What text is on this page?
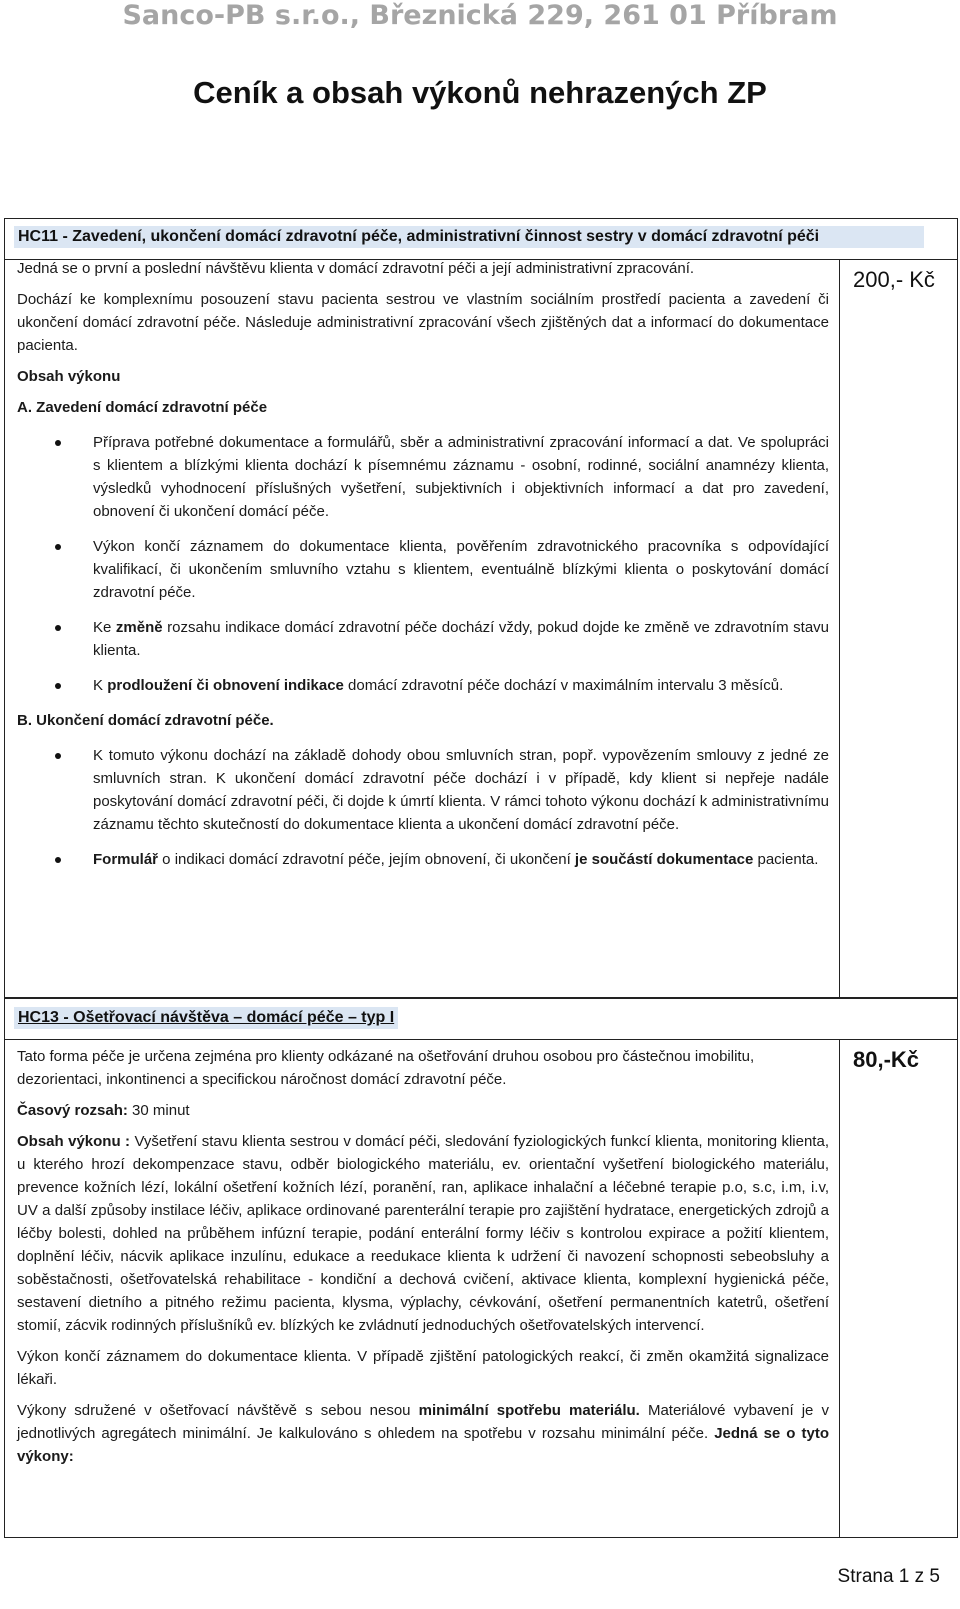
Sanco-PB s.r.o., Březnická 229, 261 01 Příbram
Ceník a obsah výkonů nehrazených ZP
HC11 - Zavedení, ukončení domácí zdravotní péče, administrativní činnost sestry v domácí zdravotní péči
200,- Kč

Jedná se o první a poslední návštěvu klienta v domácí zdravotní péči a její administrativní zpracování.

Dochází ke komplexnímu posouzení stavu pacienta sestrou ve vlastním sociálním prostředí pacienta a zavedení či ukončení domácí zdravotní péče. Následuje administrativní zpracování všech zjištěných dat a informací do dokumentace pacienta.

Obsah výkonu

A. Zavedení domácí zdravotní péče

Příprava potřebné dokumentace a formulářů, sběr a administrativní zpracování informací a dat. Ve spolupráci s klientem a blízkými klienta dochází k písemnému záznamu - osobní, rodinné, sociální anamnézy klienta, výsledků vyhodnocení příslušných vyšetření, subjektivních i objektivních informací a dat pro zavedení, obnovení či ukončení domácí péče.
Výkon končí záznamem do dokumentace klienta, pověřením zdravotnického pracovníka s odpovídající kvalifikací, či ukončením smluvního vztahu s klientem, eventuálně blízkými klienta o poskytování domácí zdravotní péče.
Ke změně rozsahu indikace domácí zdravotní péče dochází vždy, pokud dojde ke změně ve zdravotním stavu klienta.
K prodloužení či obnovení indikace domácí zdravotní péče dochází v maximálním intervalu 3 měsíců.

B. Ukončení domácí zdravotní péče.

K tomuto výkonu dochází na základě dohody obou smluvních stran, popř. vypovězením smlouvy z jedné ze smluvních stran. K ukončení domácí zdravotní péče dochází i v případě, kdy klient si nepřeje nadále poskytování domácí zdravotní péči, či dojde k úmrtí klienta. V rámci tohoto výkonu dochází k administrativnímu záznamu těchto skutečností do dokumentace klienta a ukončení domácí zdravotní péče.
Formulář o indikaci domácí zdravotní péče, jejím obnovení, či ukončení je součástí dokumentace pacienta.
HC13 - Ošetřovací návštěva – domácí péče – typ I
80,-Kč

Tato forma péče je určena zejména pro klienty odkázané na ošetřování druhou osobou pro částečnou imobilitu, dezorientaci, inkontinenci a specifickou náročnost domácí zdravotní péče.

Časový rozsah: 30 minut

Obsah výkonu : Vyšetření stavu klienta sestrou v domácí péči, sledování fyziologických funkcí klienta, monitoring klienta, u kterého hrozí dekompenzace stavu, odběr biologického materiálu, ev. orientační vyšetření biologického materiálu, prevence kožních lézí, lokální ošetření kožních lézí, poranění, ran, aplikace inhalační a léčebné terapie p.o, s.c, i.m, i.v, UV a další způsoby instilace léčiv, aplikace ordinované parenterální terapie pro zajištění hydratace, energetických zdrojů a léčby bolesti, dohled na průběhem infúzní terapie, podání enterální formy léčiv s kontrolou expirace a požití klientem, doplnění léčiv, nácvik aplikace inzulínu, edukace a reedukace klienta k udržení či navození schopnosti sebeobsluhy a soběstačnosti, ošetřovatelská rehabilitace - kondiční a dechová cvičení, aktivace klienta, komplexní hygienická péče, sestavení dietního a pitného režimu pacienta, klysma, výplachy, cévkování, ošetření permanentních katetrů, ošetření stomií, zácvik rodinných příslušníků ev. blízkých ke zvládnutí jednoduchých ošetřovatelských intervencí.

Výkon končí záznamem do dokumentace klienta. V případě zjištění patologických reakcí, či změn okamžitá signalizace lékaři.

Výkony sdružené v ošetřovací návštěvě s sebou nesou minimální spotřebu materiálu. Materiálové vybavení je v jednotlivých agregátech minimální. Je kalkulováno s ohledem na spotřebu v rozsahu minimální péče. Jedná se o tyto výkony:

Strana 1 z 5
